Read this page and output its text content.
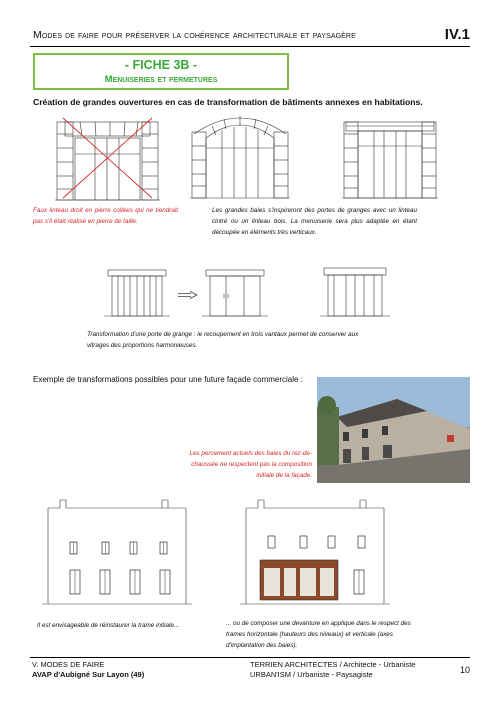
Modes de faire pour préserver la cohérence architecturale et paysagère	IV.1
- FICHE 3B -
Menuiseries et fermetures
Création de grandes ouvertures en cas de transformation de bâtiments annexes en habitations.
Faux linteau droit en pierre collées qui ne tiendrait pas s'il était réalisé en pierre de taille.
Les grandes baies s'inspireront des portes de granges avec un linteau cintré ou un linteau bois. La menuiserie sera plus adaptée en étant découpée en éléments très verticaux.
Transformation d'une porte de grange : le recoupement en trois vantaux permet de conserver aux vitrages des proportions harmonieuses.
Exemple de transformations possibles pour une future façade commerciale :
Les percement actuels des baies du rez-de-chaussée ne respectent pas la composition initiale de la façade.
Il est envisageable de réinstaurer la trame initiale...	... ou de composer une devanture en applique dans le respect des trames horizontale (hauteurs des niveaux) et verticale (axes d'implantation des baies).
V. MODES DE FAIRE
AVAP d'Aubigné Sur Layon (49)
TERRIEN ARCHITECTES / Architecte - Urbaniste
URBAN'ISM / Urbaniste - Paysagiste	10
